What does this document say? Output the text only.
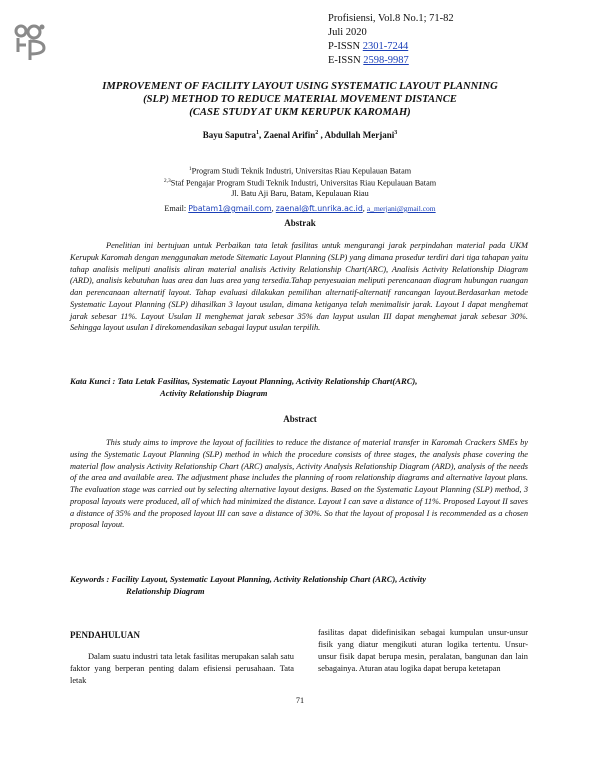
Profisiensi, Vol.8 No.1; 71-82
Juli 2020
P-ISSN 2301-7244
E-ISSN 2598-9987
IMPROVEMENT OF FACILITY LAYOUT USING SYSTEMATIC LAYOUT PLANNING
(SLP) METHOD TO REDUCE MATERIAL MOVEMENT DISTANCE
(CASE STUDY AT UKM KERUPUK KAROMAH)
Bayu Saputra$^1$, Zaenal Arifin$^2$ , Abdullah Merjani$^3$
$^1$Program Studi Teknik Industri, Universitas Riau Kepulauan Batam
$^{2,3}$Staf Pengajar Program Studi Teknik Industri, Universitas Riau Kepulauan Batam
Jl. Batu Aji Baru, Batam, Kepulauan Riau
Email: Pbatam1@gmail.com, zaenal@ft.unrika.ac.id, a_merjani@gmail.com
Abstrak

Penelitian ini bertujuan untuk Perbaikan tata letak fasilitas untuk mengurangi jarak perpindahan material pada UKM Kerupuk Karomah dengan menggunakan metode Sitematic Layout Planning (SLP) yang dimana prosedur terdiri dari tiga tahapan yaitu tahap analisis meliputi analisis aliran material analisis Activity Relationship Chart(ARC), Analisis Activity Relationship Diagram (ARD), analisis kebutuhan luas area dan luas area yang tersedia.Tahap penyesuaian meliputi perencanaan diagram hubungan ruangan dan perencanaan alternatif layout. Tahap evaluasi dilakukan pemilihan alternatif-alternatif rancangan layout.Berdasarkan metode Systematic Layout Planning (SLP) dihasilkan 3 layout usulan, dimana ketiganya telah menimalisir jarak. Layout I dapat menghemat jarak sebesar 11%. Layout Usulan II menghemat jarak sebesar 35% dan layput usulan III dapat menghemat jarak sebesar 30%. Sehingga layout usulan I direkomendasikan sebagai layput usulan terpilih.

Kata Kunci : Tata Letak Fasilitas, Systematic Layout Planning, Activity Relationship Chart(ARC),
Activity Relationship Diagram
Abstract

This study aims to improve the layout of facilities to reduce the distance of material transfer in Karomah Crackers SMEs by using the Systematic Layout Planning (SLP) method in which the procedure consists of three stages, the analysis phase covering the material flow analysis Activity Relationship Chart (ARC) analysis, Activity Analysis Relationship Diagram (ARD), analysis of the needs of the area and available area. The adjustment phase includes the planning of room relationship diagrams and alternative layout plans. The evaluation stage was carried out by selecting alternative layout designs. Based on the Systematic Layout Planning (SLP) method, 3 proposal layouts were produced, all of which had minimized the distance. Layout I can save a distance of 11%. Proposed Layout II saves a distance of 35% and the proposed layout III can save a distance of 30%. So that the layout of proposal I is recommended as a chosen proposal layout.

Keywords : Facility Layout, Systematic Layout Planning, Activity Relationship Chart (ARC), Activity
Relationship Diagram
PENDAHULUAN

Dalam suatu industri tata letak fasilitas merupakan salah satu faktor yang berperan penting dalam efisiensi perusahaan. Tata letak

fasilitas dapat didefinisikan sebagai kumpulan unsur-unsur fisik yang diatur mengikuti aturan logika tertentu. Unsur-unsur fisik dapat berupa mesin, peralatan, bangunan dan lain sebagainya. Aturan atau logika dapat berupa ketetapan

71
